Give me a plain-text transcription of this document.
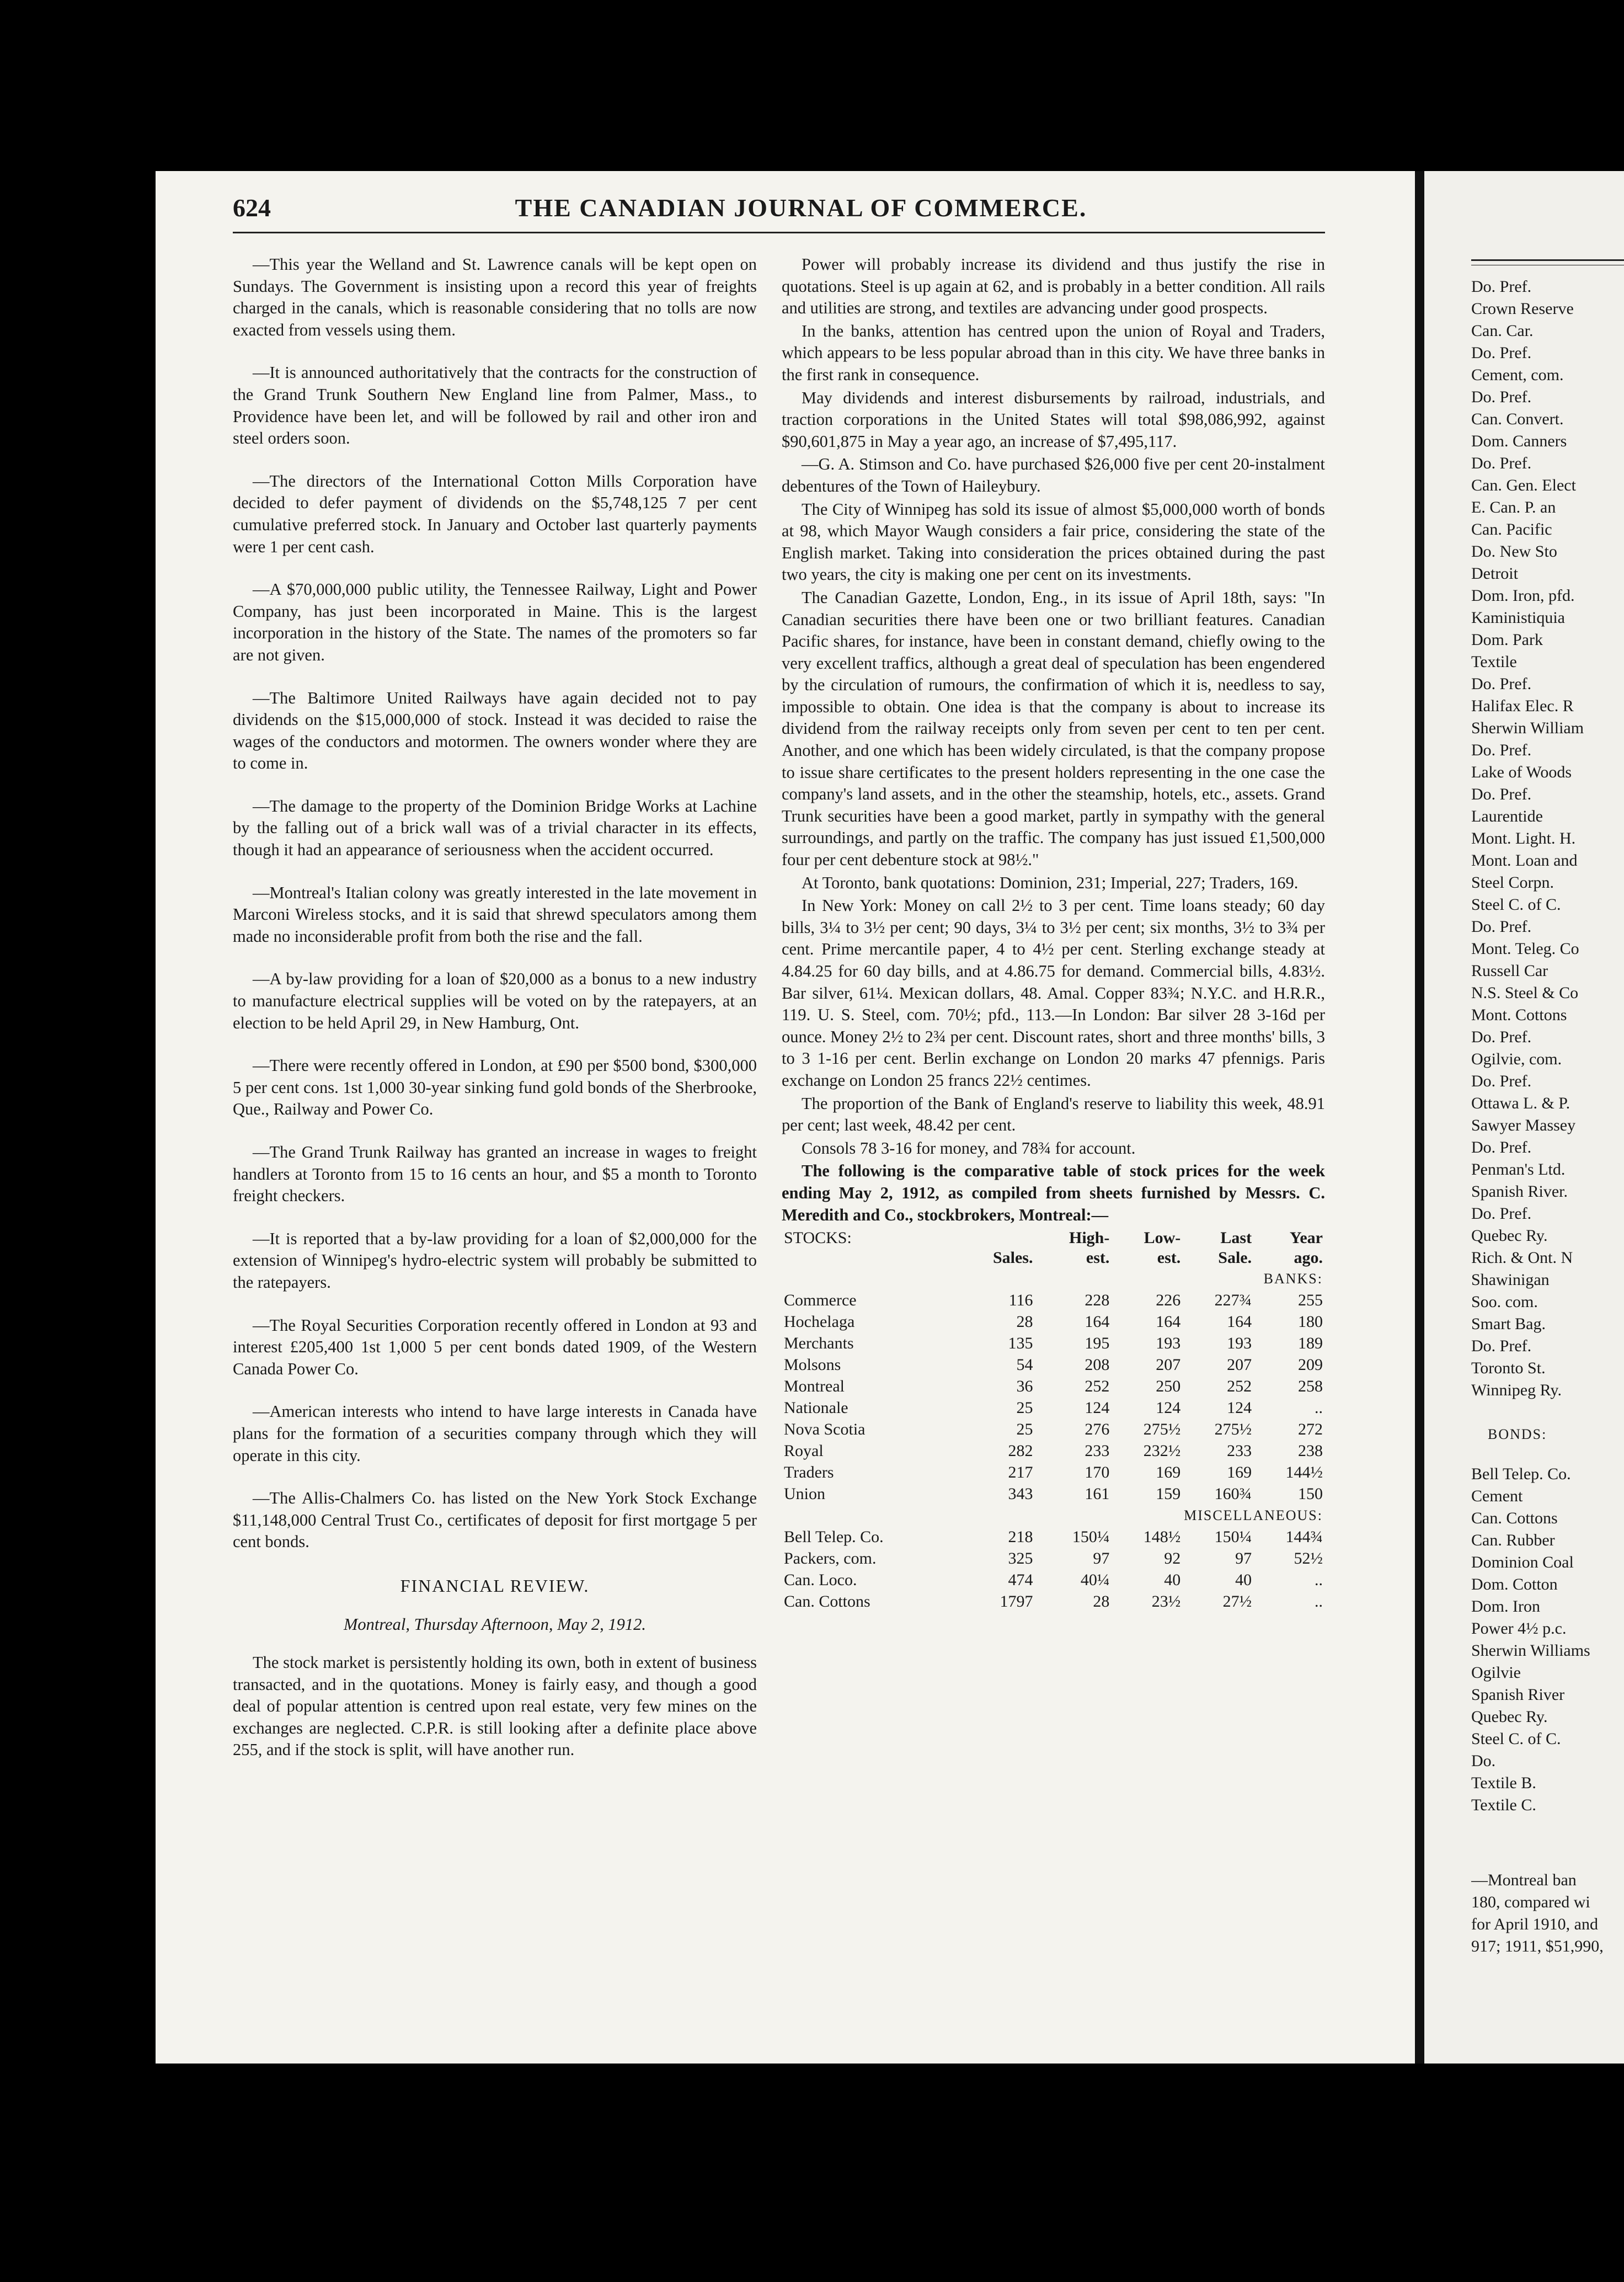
624	THE CANADIAN JOURNAL OF COMMERCE.

—This year the Welland and St. Lawrence canals will be kept open on Sundays. The Government is insisting upon a record this year of freights charged in the canals, which is reasonable considering that no tolls are now exacted from vessels using them.

—It is announced authoritatively that the contracts for the construction of the Grand Trunk Southern New England line from Palmer, Mass., to Providence have been let, and will be followed by rail and other iron and steel orders soon.

—The directors of the International Cotton Mills Corporation have decided to defer payment of dividends on the $5,748,125 7 per cent cumulative preferred stock. In January and October last quarterly payments were 1 per cent cash.

—A $70,000,000 public utility, the Tennessee Railway, Light and Power Company, has just been incorporated in Maine. This is the largest incorporation in the history of the State. The names of the promoters so far are not given.

—The Baltimore United Railways have again decided not to pay dividends on the $15,000,000 of stock. Instead it was decided to raise the wages of the conductors and motormen. The owners wonder where they are to come in.

—The damage to the property of the Dominion Bridge Works at Lachine by the falling out of a brick wall was of a trivial character in its effects, though it had an appearance of seriousness when the accident occurred.

—Montreal's Italian colony was greatly interested in the late movement in Marconi Wireless stocks, and it is said that shrewd speculators among them made no inconsiderable profit from both the rise and the fall.

—A by-law providing for a loan of $20,000 as a bonus to a new industry to manufacture electrical supplies will be voted on by the ratepayers, at an election to be held April 29, in New Hamburg, Ont.

—There were recently offered in London, at £90 per $500 bond, $300,000 5 per cent cons. 1st 1,000 30-year sinking fund gold bonds of the Sherbrooke, Que., Railway and Power Co.

—The Grand Trunk Railway has granted an increase in wages to freight handlers at Toronto from 15 to 16 cents an hour, and $5 a month to Toronto freight checkers.

—It is reported that a by-law providing for a loan of $2,000,000 for the extension of Winnipeg's hydro-electric system will probably be submitted to the ratepayers.

—The Royal Securities Corporation recently offered in London at 93 and interest £205,400 1st 1,000 5 per cent bonds dated 1909, of the Western Canada Power Co.

—American interests who intend to have large interests in Canada have plans for the formation of a securities company through which they will operate in this city.

—The Allis-Chalmers Co. has listed on the New York Stock Exchange $11,148,000 Central Trust Co., certificates of deposit for first mortgage 5 per cent bonds.

FINANCIAL REVIEW.
Montreal, Thursday Afternoon, May 2, 1912.

The stock market is persistently holding its own, both in extent of business transacted, and in the quotations. Money is fairly easy, and though a good deal of popular attention is centred upon real estate, very few mines on the exchanges are neglected. C.P.R. is still looking after a definite place above 255, and if the stock is split, will have another run.

Power will probably increase its dividend and thus justify the rise in quotations. Steel is up again at 62, and is probably in a better condition. All rails and utilities are strong, and textiles are advancing under good prospects.

In the banks, attention has centred upon the union of Royal and Traders, which appears to be less popular abroad than in this city. We have three banks in the first rank in consequence.

May dividends and interest disbursements by railroad, industrials, and traction corporations in the United States will total $98,086,992, against $90,601,875 in May a year ago, an increase of $7,495,117.

—G. A. Stimson and Co. have purchased $26,000 five per cent 20-instalment debentures of the Town of Haileybury.

The City of Winnipeg has sold its issue of almost $5,000,000 worth of bonds at 98, which Mayor Waugh considers a fair price, considering the state of the English market. Taking into consideration the prices obtained during the past two years, the city is making one per cent on its investments.

The Canadian Gazette, London, Eng., in its issue of April 18th, says: "In Canadian securities there have been one or two brilliant features. Canadian Pacific shares, for instance, have been in constant demand, chiefly owing to the very excellent traffics, although a great deal of speculation has been engendered by the circulation of rumours, the confirmation of which it is, needless to say, impossible to obtain. One idea is that the company is about to increase its dividend from the railway receipts only from seven per cent to ten per cent. Another, and one which has been widely circulated, is that the company propose to issue share certificates to the present holders representing in the one case the company's land assets, and in the other the steamship, hotels, etc., assets. Grand Trunk securities have been a good market, partly in sympathy with the general surroundings, and partly on the traffic. The company has just issued £1,500,000 four per cent debenture stock at 98½."

At Toronto, bank quotations: Dominion, 231; Imperial, 227; Traders, 169.

In New York: Money on call 2½ to 3 per cent. Time loans steady; 60 day bills, 3¼ to 3½ per cent; 90 days, 3¼ to 3½ per cent; six months, 3½ to 3¾ per cent. Prime mercantile paper, 4 to 4½ per cent. Sterling exchange steady at 4.84.25 for 60 day bills, and at 4.86.75 for demand. Commercial bills, 4.83½. Bar silver, 61¼. Mexican dollars, 48. Amal. Copper 83¾; N.Y.C. and H.R.R., 119. U. S. Steel, com. 70½; pfd., 113.—In London: Bar silver 28 3-16d per ounce. Money 2½ to 2¾ per cent. Discount rates, short and three months' bills, 3 to 3 1-16 per cent. Berlin exchange on London 20 marks 47 pfennigs. Paris exchange on London 25 francs 22½ centimes.

The proportion of the Bank of England's reserve to liability this week, 48.91 per cent; last week, 48.42 per cent.

Consols 78 3-16 for money, and 78¾ for account.

The following is the comparative table of stock prices for the week ending May 2, 1912, as compiled from sheets furnished by Messrs. C. Meredith and Co., stockbrokers, Montreal:—

STOCKS:		High-	Low-	Last	Year
	Sales.	est.	est.	Sale.	ago.
BANKS:					
Commerce	116	228	226	227¾	255
Hochelaga	28	164	164	164	180
Merchants	135	195	193	193	189
Molsons	54	208	207	207	209
Montreal	36	252	250	252	258
Nationale	25	124	124	124	..
Nova Scotia	25	276	275½	275½	272
Royal	282	233	232½	233	238
Traders	217	170	169	169	144½
Union	343	161	159	160¾	150
MISCELLANEOUS:					
Bell Telep. Co.	218	150¼	148½	150¼	144¾
Packers, com.	325	97	92	97	52½
Can. Loco.	474	40¼	40	40	..
Can. Cottons	1797	28	23½	27½	..
Do. Pref.
Crown Reserve
Can. Car.
Do. Pref.
Cement, com.
Do. Pref.
Can. Convert.
Dom. Canners
Do. Pref.
Can. Gen. Elect
E. Can. P. an
Can. Pacific
Do. New Sto
Detroit
Dom. Iron, pfd.
Kaministiquia
Dom. Park
Textile
Do. Pref.
Halifax Elec. R
Sherwin William
Do. Pref.
Lake of Woods
Do. Pref.
Laurentide
Mont. Light. H.
Mont. Loan and
Steel Corpn.
Steel C. of C.
Do. Pref.
Mont. Teleg. Co
Russell Car
N.S. Steel & Co
Mont. Cottons
Do. Pref.
Ogilvie, com.
Do. Pref.
Ottawa L. & P.
Sawyer Massey
Do. Pref.
Penman's Ltd.
Spanish River.
Do. Pref.
Quebec Ry.
Rich. & Ont. N
Shawinigan
Soo. com.
Smart Bag.
Do. Pref.
Toronto St.
Winnipeg Ry.
BONDS:
Bell Telep. Co.
Cement
Can. Cottons
Can. Rubber
Dominion Coal
Dom. Cotton
Dom. Iron
Power 4½ p.c.
Sherwin Williams
Ogilvie
Spanish River
Quebec Ry.
Steel C. of C.
Do.
Textile B.
Textile C.
—Montreal ban
180, compared wi
for April 1910, and
917; 1911, $51,990,
